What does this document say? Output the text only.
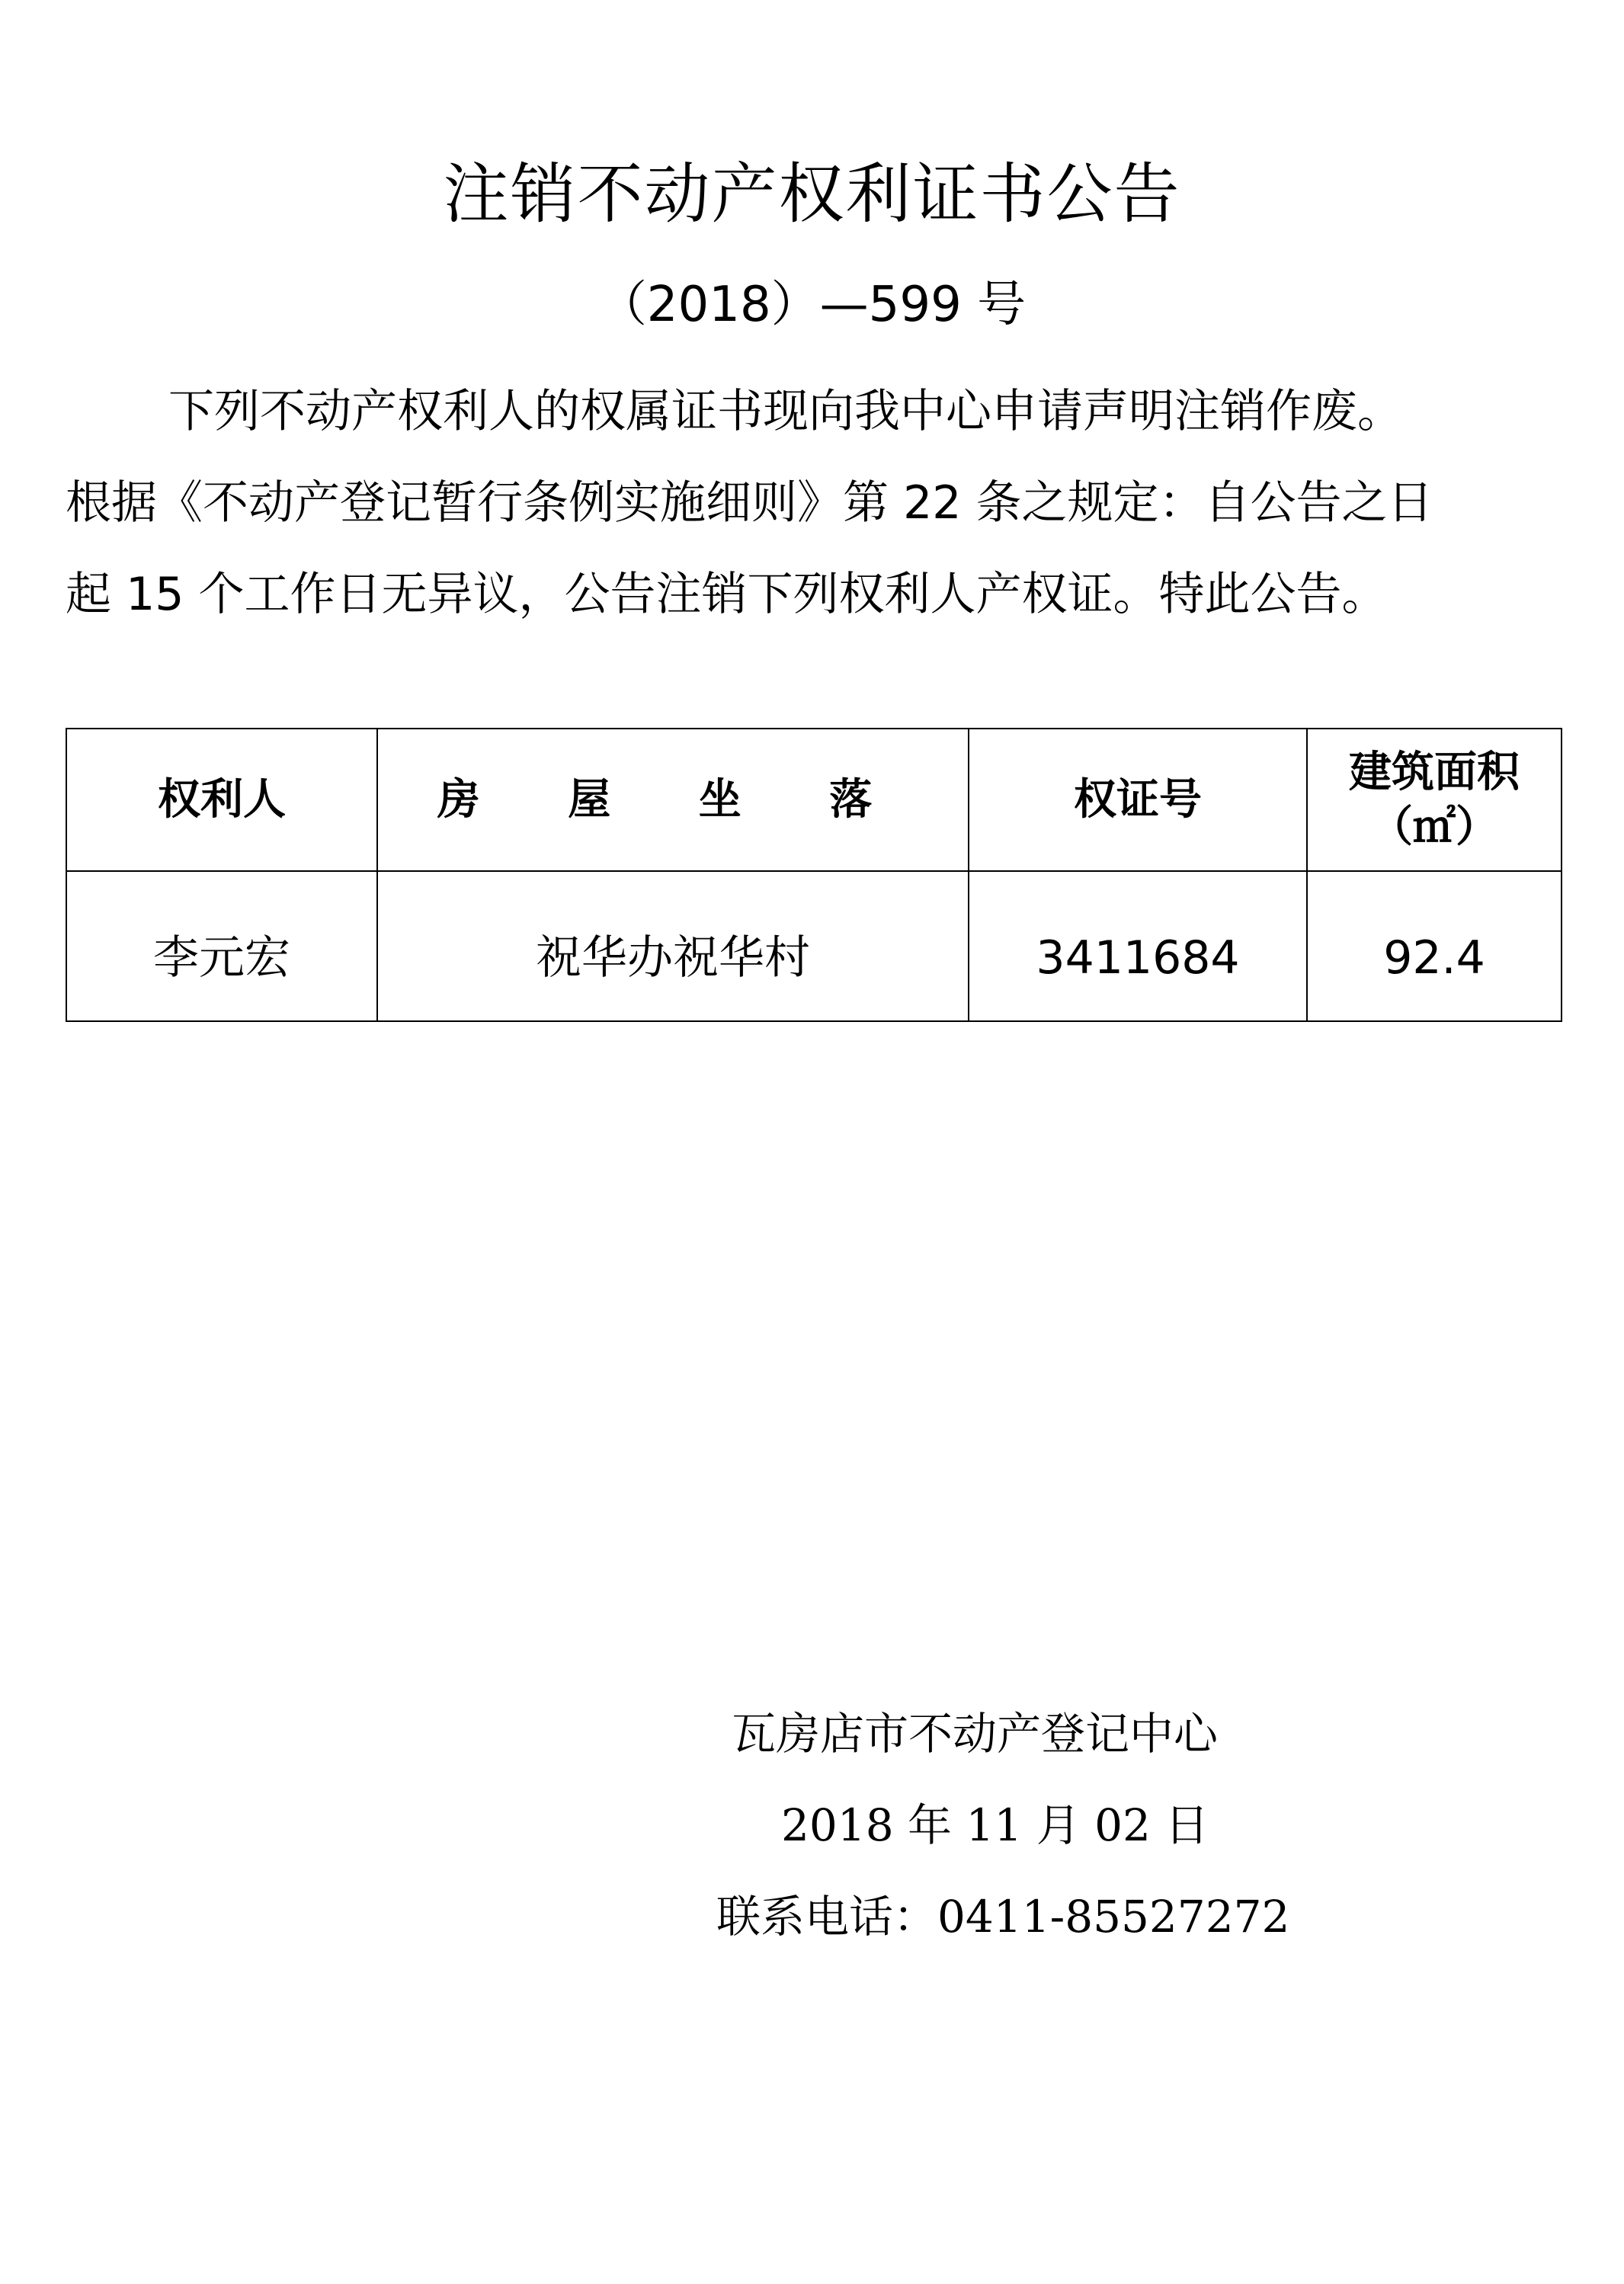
注销不动产权利证书公告
（2018）—599 号
下列不动产权利人的权属证书现向我中心申请声明注销作废。
根据《不动产登记暂行条例实施细则》第 22 条之规定：自公告之日
起 15 个工作日无异议，公告注销下列权利人产权证。特此公告。
权利人	房 屋 坐 落	权证号	建筑面积
（㎡）

李元宏	祝华办祝华村	3411684	92.4
瓦房店市不动产登记中心
2018 年 11 月 02 日
联系电话：0411-85527272
